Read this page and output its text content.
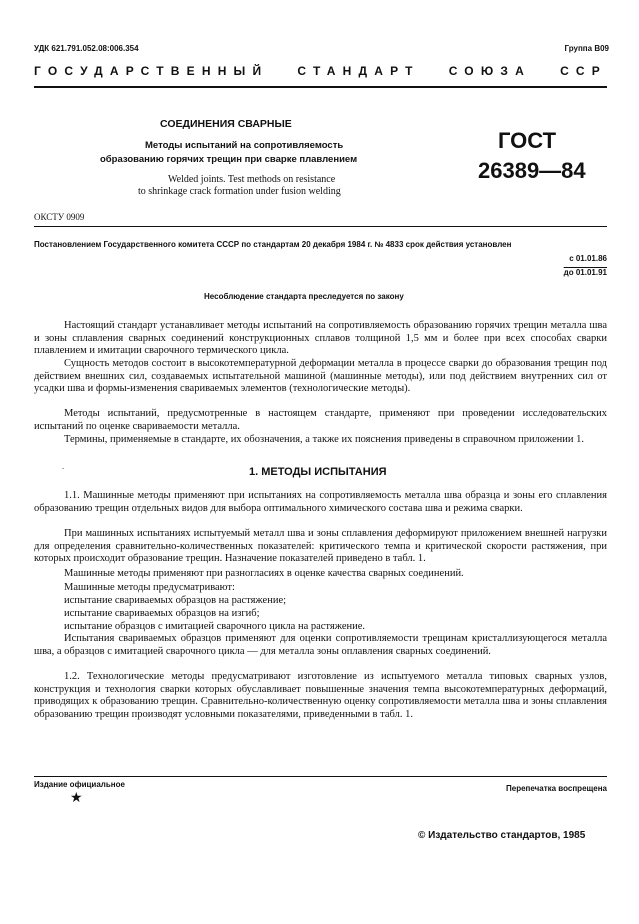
УДК 621.791.052.08:006.354	Группа В09
ГОСУДАРСТВЕННЫЙ СТАНДАРТ СОЮЗА ССР
СОЕДИНЕНИЯ СВАРНЫЕ
Методы испытаний на сопротивляемость
образованию горячих трещин при сварке плавлением
Welded joints. Test methods on resistance
to shrinkage crack formation under fusion welding
ГОСТ
26389—84
ОКСТУ 0909
Постановлением Государственного комитета СССР по стандартам 20 декабря 1984 г. № 4833 срок действия установлен
с 01.01.86
до 01.01.91
Несоблюдение стандарта преследуется по закону

Настоящий стандарт устанавливает методы испытаний на сопротивляемость образованию горячих трещин металла шва и зоны сплавления сварных соединений конструкционных сплавов толщиной 1,5 мм и более при всех способах сварки плавлением и имитации сварочного термического цикла.

Сущность методов состоит в высокотемпературной деформации металла в процессе сварки до образования трещин под действием внешних сил, создаваемых испытательной машиной (машинные методы), или под действием внутренних сил от усадки шва и формы-изменения свариваемых элементов (технологические методы).

Методы испытаний, предусмотренные в настоящем стандарте, применяют при проведении исследовательских испытаний по оценке свариваемости металла.

Термины, применяемые в стандарте, их обозначения, а также их пояснения приведены в справочном приложении 1.

.	1. МЕТОДЫ ИСПЫТАНИЯ

1.1. Машинные методы применяют при испытаниях на сопротивляемость металла шва образца и зоны его сплавления образованию трещин отдельных видов для выбора оптимального химического состава шва и режима сварки.

При машинных испытаниях испытуемый металл шва и зоны сплавления деформируют приложением внешней нагрузки для определения сравнительно-количественных показателей: критического темпа и критической скорости растяжения, при которых происходит образование трещин. Назначение показателей приведено в табл. 1.

Машинные методы применяют при разногласиях в оценке качества сварных соединений.

Машинные методы предусматривают:

испытание свариваемых образцов на растяжение;
испытание свариваемых образцов на изгиб;
испытание образцов с имитацией сварочного цикла на растяжение.

Испытания свариваемых образцов применяют для оценки сопротивляемости трещинам кристаллизующегося металла шва, а образцов с имитацией сварочного цикла — для металла зоны оплавления сварных соединений.

1.2. Технологические методы предусматривают изготовление из испытуемого металла типовых сварных узлов, конструкция и технология сварки которых обуславливает повышенные значения темпа высокотемпературных деформаций, приводящих к образованию трещин. Сравнительно-количественную оценку сопротивляемости металла шва и зоны сплавления образованию трещин производят условными показателями, приведенными в табл. 1.

Издание официальное	Перепечатка воспрещена
★
© Издательство стандартов, 1985
